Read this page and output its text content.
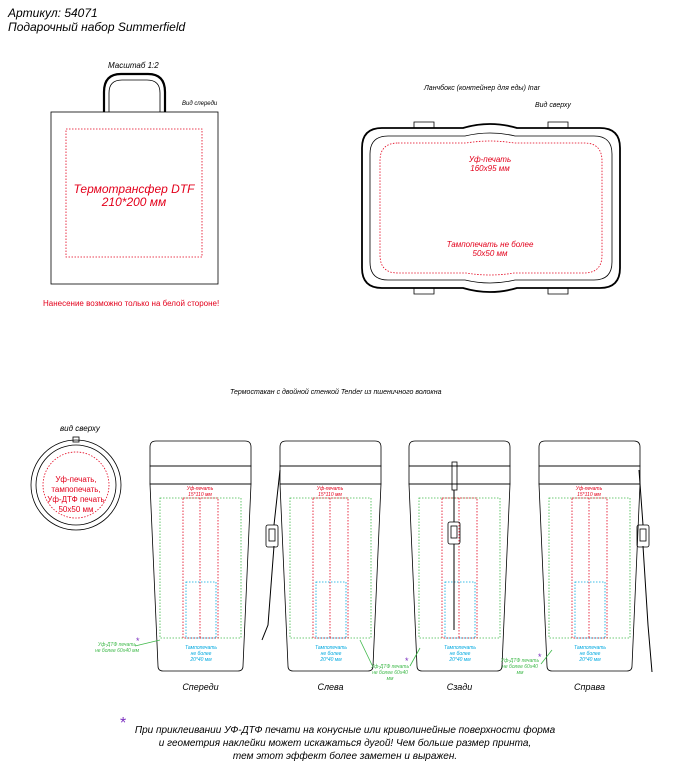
Артикул: 54071
Подарочный набор Summerfield
Масштаб 1:2
Вид спереди
Термотрансфер DTF
210*200 мм
Нанесение возможно только на белой стороне!
Ланчбокс (контейнер для еды) Inar
Вид сверху
Уф-печать
160х95 мм
Тампопечать не более
50х50 мм
Термостакан с двойной стенкой Tender из пшеничного волокна
вид сверху
Уф-печать,
тампопечать,
Уф-ДТФ печать
50х50 мм
Уф-печать
15*110 мм
Тампопечать
не более
20*40 мм
Уф-ДТФ печать
не более 60х40 мм
*
Уф-печать
15*110 мм
Тампопечать
не более
20*40 мм
Уф-ДТФ печать
не более 60х40 мм
Тампопечать
не более
20*40 мм
*
Уф-печать
15*110 мм
Тампопечать
не более
20*40 мм
Уф-ДТФ печать
не более 60х40 мм
*
Спереди	Слева	Сзади	Справа
* При приклеивании УФ-ДТФ печати на конусные или криволинейные поверхности форма
и геометрия наклейки может искажаться дугой! Чем больше размер принта,
тем этот эффект более заметен и выражен.
